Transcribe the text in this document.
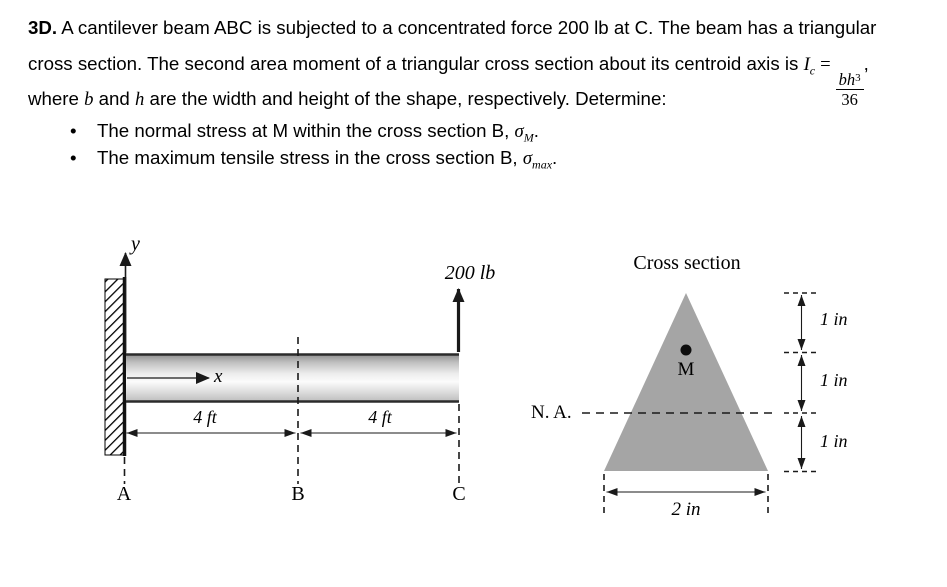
3D. A cantilever beam ABC is subjected to a concentrated force 200 lb at C. The beam has a triangular
cross section. The second area moment of a triangular cross section about its centroid axis is $I_c$ =
$\frac{bh^3}{36}$
,
where b and h are the width and height of the shape, respectively. Determine:
• The normal stress at M within the cross section B, $\sigma_M$.
• The maximum tensile stress in the cross section B, $\sigma_{max}$.
y
x
200 lb
4 ft	4 ft
A	B	C
Cross section
M
N. A.
1 in
1 in
1 in
2 in
